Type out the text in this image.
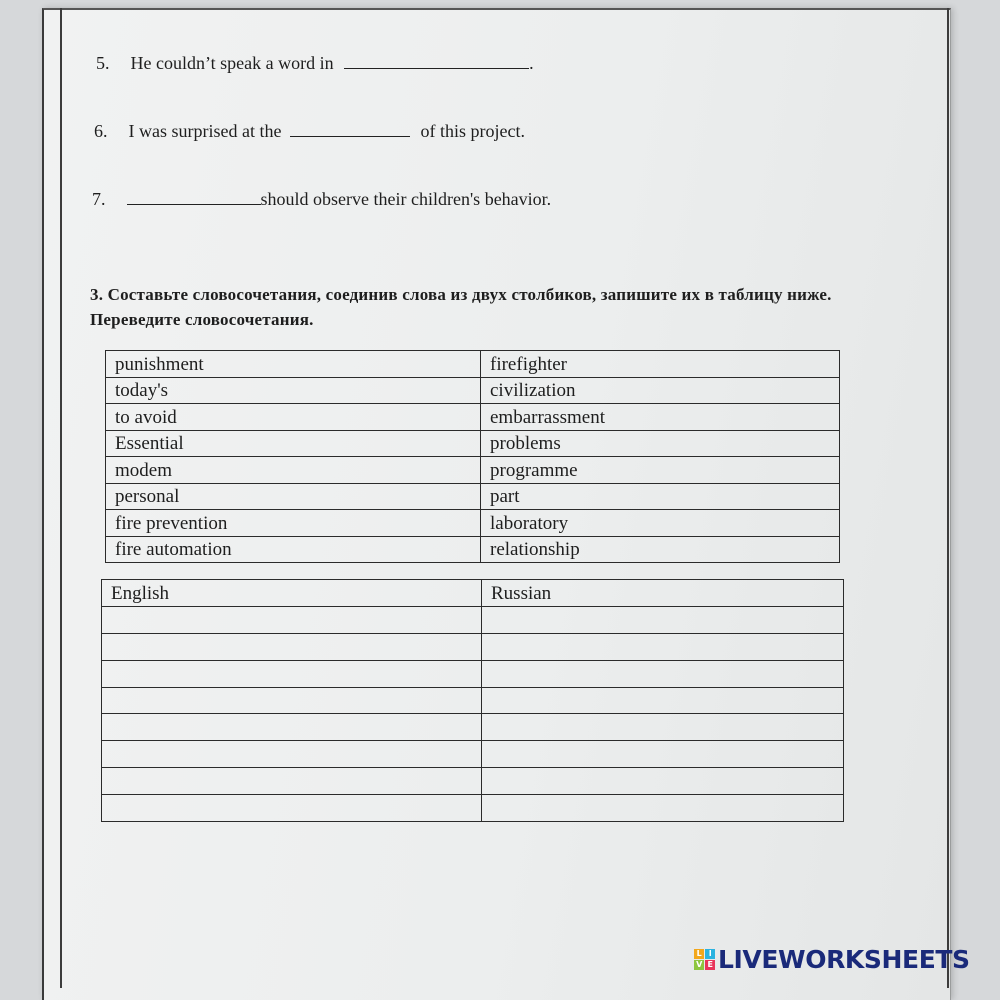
5. He couldn’t speak a word in	.
6. I was surprised at the	of this project.
7.	should observe their children's behavior.
3. Составьте словосочетания, соединив слова из двух столбиков, запишите их в таблицу ниже. Переведите словосочетания.
punishment	firefighter
today's	civilization
to avoid	embarrassment
Essential	problems
modem	programme
personal	part
fire prevention	laboratory
fire automation	relationship
English	Russian

L I
V E LIVEWORKSHEETS
